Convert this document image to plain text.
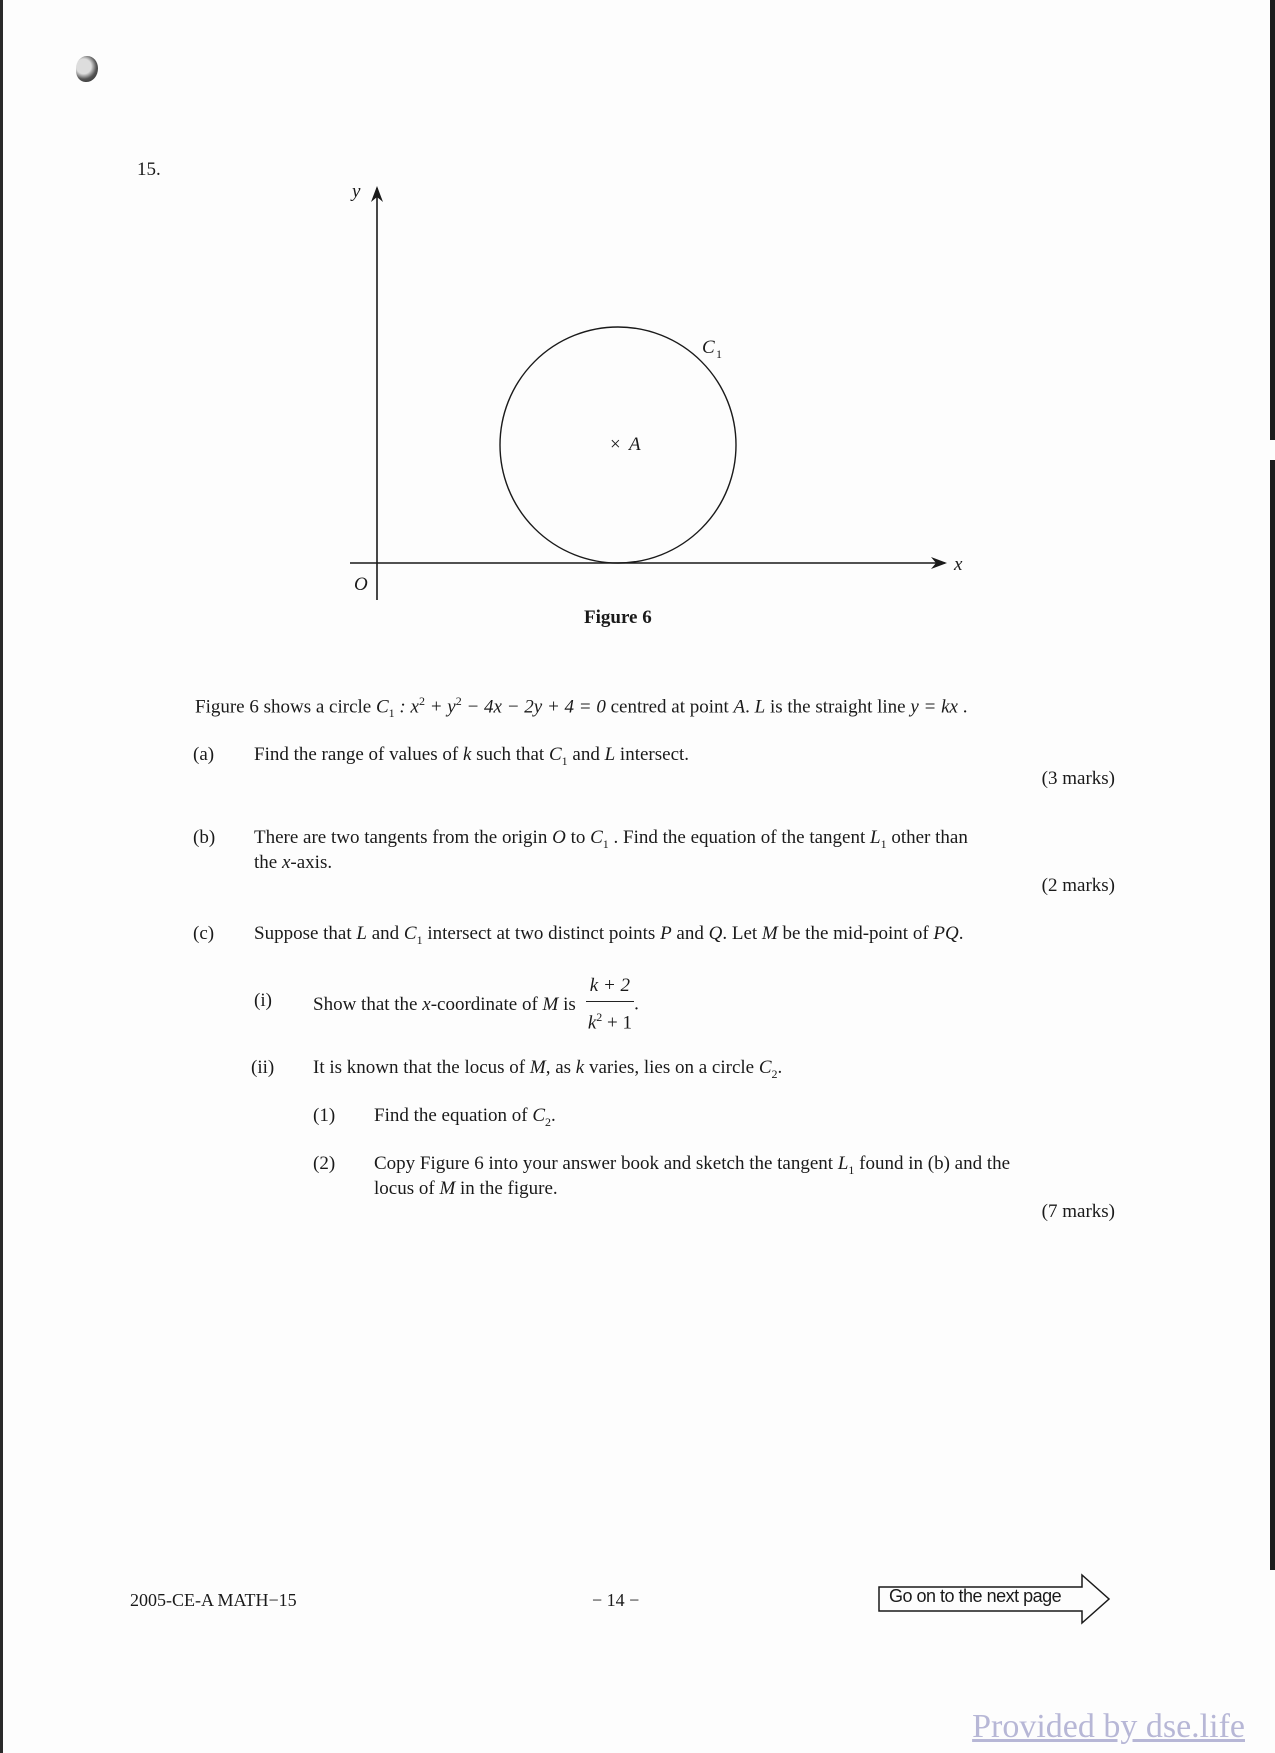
15.
y
x
O
C 1
× A
Figure 6
Figure 6 shows a circle $C_1$ : $x^2 + y^2 - 4x - 2y + 4 = 0$ centred at point A. L is the straight line y = kx .
(a) Find the range of values of k such that $C_1$ and L intersect.
(3 marks)
(b) There are two tangents from the origin O to $C_1$ . Find the equation of the tangent $L_1$ other than
the x-axis.
(2 marks)
(c) Suppose that L and $C_1$ intersect at two distinct points P and Q. Let M be the mid-point of PQ.
(i) Show that the x-coordinate of M is $\frac{k + 2}{k^2 + 1}$ .
(ii) It is known that the locus of M, as k varies, lies on a circle $C_2$.
(1) Find the equation of $C_2$.
(2) Copy Figure 6 into your answer book and sketch the tangent $L_1$ found in (b) and the
locus of M in the figure.
(7 marks)
2005-CE-A MATH−15	− 14 −	Go on to the next page
Provided by dse.life
